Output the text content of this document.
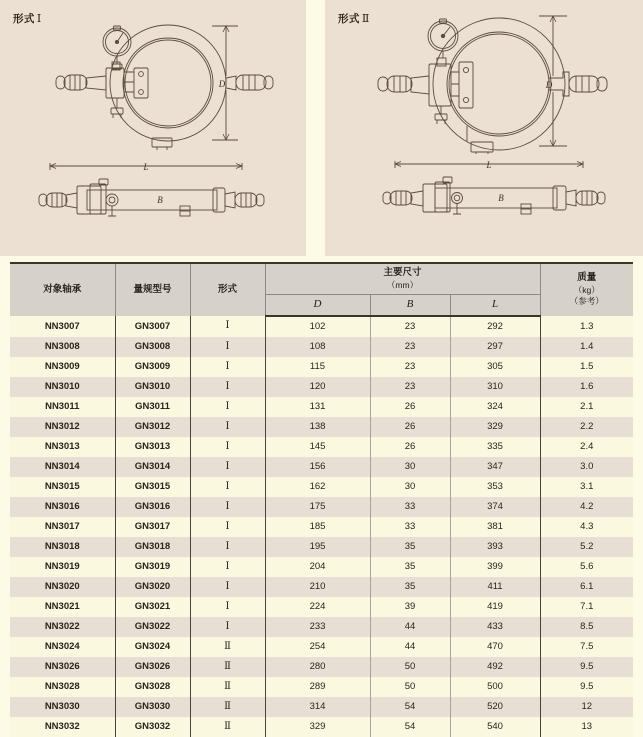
形式 Ⅰ
D
L
B
形式 Ⅱ
D
L
B
对象轴承	量规型号	形式	主要尺寸
（mm）			质量
（kg）
（参考）

			D	B	L	
NN3007	GN3007	Ⅰ	102	23	292	1.3
NN3008	GN3008	Ⅰ	108	23	297	1.4
NN3009	GN3009	Ⅰ	115	23	305	1.5
NN3010	GN3010	Ⅰ	120	23	310	1.6
NN3011	GN3011	Ⅰ	131	26	324	2.1
NN3012	GN3012	Ⅰ	138	26	329	2.2
NN3013	GN3013	Ⅰ	145	26	335	2.4
NN3014	GN3014	Ⅰ	156	30	347	3.0
NN3015	GN3015	Ⅰ	162	30	353	3.1
NN3016	GN3016	Ⅰ	175	33	374	4.2
NN3017	GN3017	Ⅰ	185	33	381	4.3
NN3018	GN3018	Ⅰ	195	35	393	5.2
NN3019	GN3019	Ⅰ	204	35	399	5.6
NN3020	GN3020	Ⅰ	210	35	411	6.1
NN3021	GN3021	Ⅰ	224	39	419	7.1
NN3022	GN3022	Ⅰ	233	44	433	8.5
NN3024	GN3024	Ⅱ	254	44	470	7.5
NN3026	GN3026	Ⅱ	280	50	492	9.5
NN3028	GN3028	Ⅱ	289	50	500	9.5
NN3030	GN3030	Ⅱ	314	54	520	12
NN3032	GN3032	Ⅱ	329	54	540	13
